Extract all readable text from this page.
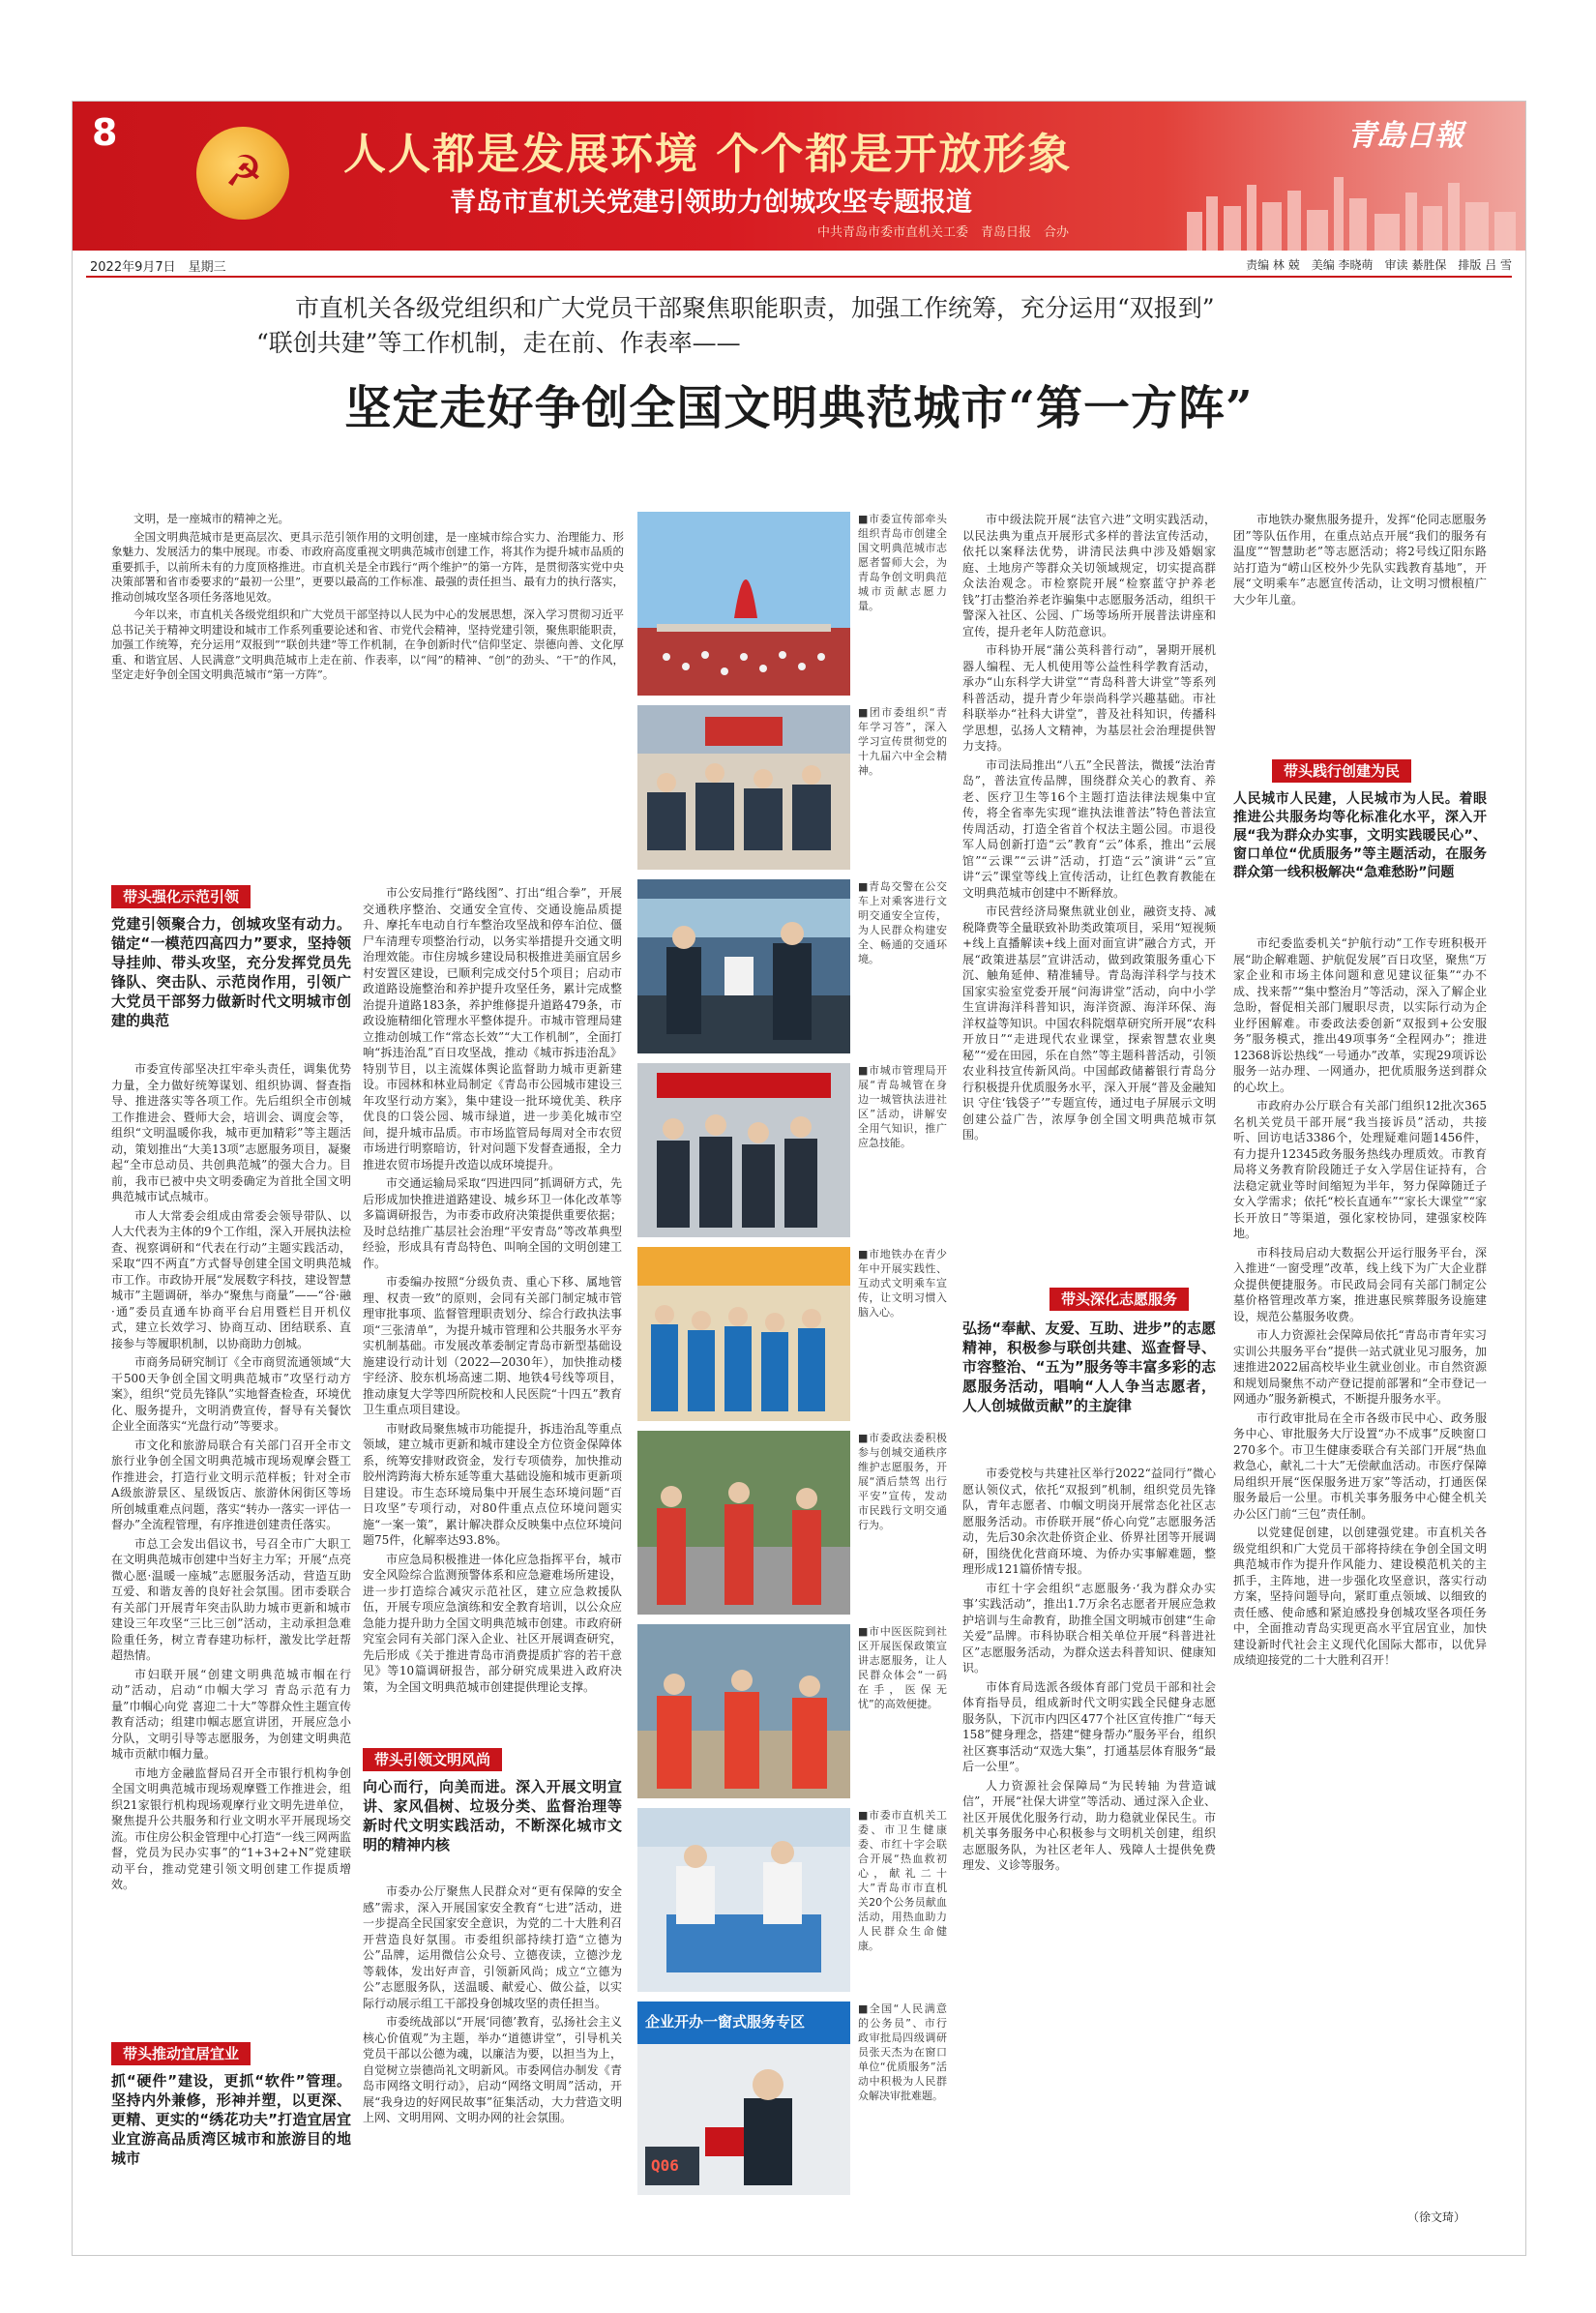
8
☭ 人人都是发展环境 个个都是开放形象
青岛市直机关党建引领助力创城攻坚专题报道
中共青岛市委市直机关工委　青岛日报　合办
青島日報
2022年9月7日　星期三	责编 林 兢　美编 李晓萌　审读 綦胜保　排版 吕 雪
市直机关各级党组织和广大党员干部聚焦职能职责，加强工作统筹，充分运用“双报到”
“联创共建”等工作机制，走在前、作表率——
坚定走好争创全国文明典范城市“第一方阵”

文明，是一座城市的精神之光。

全国文明典范城市是更高层次、更具示范引领作用的文明创建，是一座城市综合实力、治理能力、形象魅力、发展活力的集中展现。市委、市政府高度重视文明典范城市创建工作，将其作为提升城市品质的重要抓手，以前所未有的力度顶格推进。市直机关是全市践行“两个维护”的第一方阵，是贯彻落实党中央决策部署和省市委要求的“最初一公里”，更要以最高的工作标准、最强的责任担当、最有力的执行落实，推动创城攻坚各项任务落地见效。

今年以来，市直机关各级党组织和广大党员干部坚持以人民为中心的发展思想，深入学习贯彻习近平总书记关于精神文明建设和城市工作系列重要论述和省、市党代会精神，坚持党建引领，聚焦职能职责，加强工作统筹，充分运用“双报到”“联创共建”等工作机制，在争创新时代“信仰坚定、崇德向善、文化厚重、和谐宜居、人民满意”文明典范城市上走在前、作表率，以“闯”的精神、“创”的劲头、“干”的作风，坚定走好争创全国文明典范城市“第一方阵”。

带头强化示范引领
党建引领聚合力，创城攻坚有动力。锚定“一模范四高四力”要求，坚持领导挂帅、带头攻坚，充分发挥党员先锋队、突击队、示范岗作用，引领广大党员干部努力做新时代文明城市创建的典范

市委宣传部坚决扛牢牵头责任，调集优势力量，全力做好统筹谋划、组织协调、督查指导、推进落实等各项工作。先后组织全市创城工作推进会、暨师大会，培训会、调度会等，组织“文明温暖你我，城市更加精彩”等主题活动，策划推出“大美13项”志愿服务项目，凝聚起“全市总动员、共创典范城”的强大合力。目前，我市已被中央文明委确定为首批全国文明典范城市试点城市。

市人大常委会组成由常委会领导带队、以人大代表为主体的9个工作组，深入开展执法检查、视察调研和“代表在行动”主题实践活动，采取“四不两直”方式督导创建全国文明典范城市工作。市政协开展“发展数字科技，建设智慧城市”主题调研，举办“聚焦与商量”——“谷·融·通”委员直通车协商平台启用暨栏目开机仪式，建立长效学习、协商互动、团结联系、直接参与等履职机制，以协商助力创城。

市商务局研究制订《全市商贸流通领域“大干500天争创全国文明典范城市”攻坚行动方案》，组织“党员先锋队”实地督查检查，环境优化、服务提升，文明消费宣传，督导有关餐饮企业全面落实“光盘行动”等要求。

市文化和旅游局联合有关部门召开全市文旅行业争创全国文明典范城市现场观摩会暨工作推进会，打造行业文明示范样板；针对全市A级旅游景区、星级饭店、旅游休闲街区等场所创城重难点问题，落实“转办一落实一评估一督办”全流程管理，有序推进创建责任落实。

市总工会发出倡议书，号召全市广大职工在文明典范城市创建中当好主力军；开展“点亮微心愿·温暖一座城”志愿服务活动，营造互助互爱、和谐友善的良好社会氛围。团市委联合有关部门开展青年突击队助力城市更新和城市建设三年攻坚“三比三创”活动，主动承担急难险重任务，树立青春建功标杆，激发比学赶帮超热情。

市妇联开展“创建文明典范城市帼在行动”活动，启动“巾帼大学习 青岛示范有力量”巾帼心向党 喜迎二十大”等群众性主题宣传教育活动；组建巾帼志愿宣讲团，开展应急小分队，文明引导等志愿服务，为创建文明典范城市贡献巾帼力量。

市地方金融监督局召开全市银行机构争创全国文明典范城市现场观摩暨工作推进会，组织21家银行机构现场观摩行业文明先进单位，聚焦提升公共服务和行业文明水平开展现场交流。市住房公积金管理中心打造“一线三网两监督，党员为民办实事”的“1+3+2+N”党建联动平台，推动党建引领文明创建工作提质增效。

带头推动宜居宜业
抓“硬件”建设，更抓“软件”管理。坚持内外兼修，形神并塑，以更深、更精、更实的“绣花功夫”打造宜居宜业宜游高品质湾区城市和旅游目的地城市

市公安局推行“路线图”、打出“组合拳”，开展交通秩序整治、交通安全宣传、交通设施品质提升、摩托车电动自行车整治攻坚战和停车泊位、僵尸车清理专项整治行动，以务实举措提升交通文明治理效能。市住房城乡建设局积极推进美丽宜居乡村安置区建设，已顺利完成交付5个项目；启动市政道路设施整治和养护提升攻坚任务，累计完成整治提升道路183条，养护维修提升道路479条，市政设施精细化管理水平整体提升。市城市管理局建立推动创城工作“常态长效”“大工作机制”，全面打响“拆违治乱”百日攻坚战，推动《城市拆违治乱》特别节目，以主流媒体舆论监督助力城市更新建设。市园林和林业局制定《青岛市公园城市建设三年攻坚行动方案》，集中建设一批环境优美、秩序优良的口袋公园、城市绿道，进一步美化城市空间，提升城市品质。市市场监管局每周对全市农贸市场进行明察暗访，针对问题下发督查通报，全力推进农贸市场提升改造以成环境提升。

市交通运输局采取“四进四同”抓调研方式，先后形成加快推进道路建设、城乡环卫一体化改革等多篇调研报告，为市委市政府决策提供重要依据；及时总结推广基层社会治理“平安青岛”等改革典型经验，形成具有青岛特色、叫响全国的文明创建工作。

市委编办按照“分级负责、重心下移、属地管理、权责一致”的原则，会同有关部门制定城市管理审批事项、监督管理职责划分、综合行政执法事项“三张清单”，为提升城市管理和公共服务水平夯实机制基础。市发展改革委制定青岛市新型基础设施建设行动计划（2022—2030年），加快推动楼宇经济、胶东机场高速二期、地铁4号线等项目，推动康复大学等四所院校和人民医院“十四五”教育卫生重点项目建设。

市财政局聚焦城市功能提升，拆违治乱等重点领域，建立城市更新和城市建设全方位资金保障体系，统筹安排财政资金，发行专项债券，加快推动胶州湾跨海大桥东延等重大基础设施和城市更新项目建设。市生态环境局集中开展生态环境问题“百日攻坚”专项行动，对80件重点点位环境问题实施“一案一策”，累计解决群众反映集中点位环境问题75件，化解率达93.8%。

市应急局积极推进一体化应急指挥平台，城市安全风险综合监测预警体系和应急避难场所建设，进一步打造综合减灾示范社区，建立应急救援队伍，开展专项应急演练和安全教育培训，以公众应急能力提升助力全国文明典范城市创建。市政府研究室会同有关部门深入企业、社区开展调查研究，先后形成《关于推进青岛市消费提质扩容的若干意见》等10篇调研报告，部分研究成果进入政府决策，为全国文明典范城市创建提供理论支撑。

带头引领文明风尚
向心而行，向美而进。深入开展文明宣讲、家风倡树、垃圾分类、监督治理等新时代文明实践活动，不断深化城市文明的精神内核

市委办公厅聚焦人民群众对“更有保障的安全感”需求，深入开展国家安全教育“七进”活动，进一步提高全民国家安全意识，为党的二十大胜利召开营造良好氛围。市委组织部持续打造“立德为公”品牌，运用微信公众号、立德夜读，立德沙龙等载体，发出好声音，引领新风尚；成立“立德为公”志愿服务队，送温暖、献爱心、做公益，以实际行动展示组工干部投身创城攻坚的责任担当。

市委统战部以“开展‘同德’教育，弘扬社会主义核心价值观”为主题，举办“道德讲堂”，引导机关党员干部以公德为魂，以廉洁为要，以担当为上，自觉树立崇德尚礼文明新风。市委网信办制发《青岛市网络文明行动》，启动“网络文明周”活动，开展“我身边的好网民故事”征集活动，大力营造文明上网、文明用网、文明办网的社会氛围。

■市委宣传部牵头组织青岛市创建全国文明典范城市志愿者誓师大会，为青岛争创文明典范城市贡献志愿力量。
■团市委组织“青年学习答”，深入学习宣传贯彻党的十九届六中全会精神。
■青岛交警在公交车上对乘客进行文明交通安全宣传，为人民群众构建安全、畅通的交通环境。
■市城市管理局开展“青岛城管在身边一城管执法进社区”活动，讲解安全用气知识，推广应急技能。
■市地铁办在青少年中开展实践性、互动式文明乘车宣传，让文明习惯入脑入心。
■市委政法委积极参与创城交通秩序维护志愿服务，开展“酒后禁驾 出行平安”宣传，发动市民践行文明交通行为。
■市中医医院到社区开展医保政策宣讲志愿服务，让人民群众体会“一码在手，医保无忧”的高效便捷。
■市委市直机关工委、市卫生健康委、市红十字会联合开展“热血救初心，献礼二十大”青岛市市直机关20个公务员献血活动，用热血助力人民群众生命健康。
企业开办一窗式服务专区
Q06
■全国“人民满意的公务员”、市行政审批局四级调研员张天杰为在窗口单位“优质服务”活动中积极为人民群众解决审批难题。

市中级法院开展“法官六进”文明实践活动，以民法典为重点开展形式多样的普法宣传活动，依托以案释法优势，讲清民法典中涉及婚姻家庭、土地房产等群众关切领域规定，切实提高群众法治观念。市检察院开展“检察蓝守护养老钱”打击整治养老诈骗集中志愿服务活动，组织干警深入社区、公园、广场等场所开展普法讲座和宣传，提升老年人防范意识。

市科协开展“蒲公英科普行动”，暑期开展机器人编程、无人机使用等公益性科学教育活动，承办“山东科学大讲堂”“青岛科普大讲堂”等系列科普活动，提升青少年崇尚科学兴趣基础。市社科联举办“社科大讲堂”，普及社科知识，传播科学思想，弘扬人文精神，为基层社会治理提供智力支持。

市司法局推出“八五”全民普法，微援“法治青岛”，普法宣传品牌，围绕群众关心的教育、养老、医疗卫生等16个主题打造法律法规集中宣传，将全省率先实现“谁执法谁普法”特色普法宣传周活动，打造全省首个权法主题公园。市退役军人局创新打造“云”教育“云”体系，推出“云展馆”“云课”“云讲”活动，打造“云”演讲“云”宣讲“云”课堂等线上宣传活动，让红色教育教能在文明典范城市创建中不断释放。

市民营经济局聚焦就业创业，融资支持、减税降费等全量联致补助类政策项目，采用“短视频+线上直播解读+线上面对面宣讲”融合方式，开展“政策进基层”宣讲活动，做到政策服务重心下沉、触角延伸、精准辅导。青岛海洋科学与技术国家实验室党委开展“问海讲堂”活动，向中小学生宣讲海洋科普知识，海洋资源、海洋环保、海洋权益等知识。中国农科院烟草研究所开展“农科开放日”“走进现代农业课堂，探索智慧农业奥秘”“爱在田园，乐在自然”等主题科普活动，引领农业科技宣传新风尚。中国邮政储蓄银行青岛分行积极提升优质服务水平，深入开展“普及金融知识 守住‘钱袋子’”专题宣传，通过电子屏展示文明创建公益广告，浓厚争创全国文明典范城市氛围。

带头深化志愿服务
弘扬“奉献、友爱、互助、进步”的志愿精神，积极参与联创共建、巡查督导、市容整治、“五为”服务等丰富多彩的志愿服务活动，唱响“人人争当志愿者，人人创城做贡献”的主旋律

市委党校与共建社区举行2022“益同行”微心愿认领仪式，依托“双报到”机制，组织党员先锋队，青年志愿者、巾帼文明岗开展常态化社区志愿服务活动。市侨联开展“侨心向党”志愿服务活动，先后30余次赴侨资企业、侨界社团等开展调研，围绕优化营商环境、为侨办实事解难题，整理形成121篇侨情专报。

市红十字会组织“志愿服务·‘我为群众办实事’实践活动”，推出1.7万余名志愿者开展应急救护培训与生命教育，助推全国文明城市创建“生命关爱”品牌。市科协联合相关单位开展“科普进社区”志愿服务活动，为群众送去科普知识、健康知识。

市体育局选派各级体育部门党员干部和社会体育指导员，组成新时代文明实践全民健身志愿服务队，下沉市内四区477个社区宣传推广“每天158”健身理念，搭建“健身帮办”服务平台，组织社区赛事活动“双选大集”，打通基层体育服务“最后一公里”。

人力资源社会保障局“为民转轴 为营造诚信”，开展“社保大讲堂”等活动、通过深入企业、社区开展优化服务行动，助力稳就业保民生。市机关事务服务中心积极参与文明机关创建，组织志愿服务队，为社区老年人、残障人士提供免费理发、义诊等服务。

市地铁办聚焦服务提升，发挥“伦同志愿服务团”等队伍作用，在重点站点开展“我们的服务有温度”“智慧助老”等志愿活动；将2号线辽阳东路站打造为“崂山区校外少先队实践教育基地”，开展“文明乘车”志愿宣传活动，让文明习惯根植广大少年儿童。

带头践行创建为民
人民城市人民建，人民城市为人民。着眼推进公共服务均等化标准化水平，深入开展“我为群众办实事，文明实践暖民心”、窗口单位“优质服务”等主题活动，在服务群众第一线积极解决“急难愁盼”问题

市纪委监委机关“护航行动”工作专班积极开展“助企解难题、护航促发展”百日攻坚，聚焦“万家企业和市场主体问题和意见建议征集”“办不成、找来帮”“集中整治月”等活动，深入了解企业急盼，督促相关部门履职尽责，以实际行动为企业纾困解难。市委政法委创新“双报到+公安服务”服务模式，推出49项事务“全程网办”；推进12368诉讼热线“一号通办”改革，实现29项诉讼服务一站办理、一网通办，把优质服务送到群众的心坎上。

市政府办公厅联合有关部门组织12批次365名机关党员干部开展“我当接诉员”活动，共接听、回访电话3386个，处理疑难问题1456件，有力提升12345政务服务热线办理质效。市教育局将义务教育阶段随迁子女入学居住证持有，合法稳定就业等时间缩短为半年，努力保障随迁子女入学需求；依托“校长直通车”“家长大课堂”“家长开放日”等渠道，强化家校协同，建强家校阵地。

市科技局启动大数据公开运行服务平台，深入推进“一窗受理”改革，线上线下为广大企业群众提供便捷服务。市民政局会同有关部门制定公墓价格管理改革方案，推进惠民殡葬服务设施建设，规范公墓服务收费。

市人力资源社会保障局依托“青岛市青年实习实训公共服务平台”提供一站式就业见习服务，加速推进2022届高校毕业生就业创业。市自然资源和规划局聚焦不动产登记提前部署和“全市登记一网通办”服务新模式，不断提升服务水平。

市行政审批局在全市各级市民中心、政务服务中心、审批服务大厅设置“办不成事”反映窗口270多个。市卫生健康委联合有关部门开展“热血救急心，献礼二十大”无偿献血活动。市医疗保障局组织开展“医保服务进万家”等活动，打通医保服务最后一公里。市机关事务服务中心健全机关办公区门前“三包”责任制。

以党建促创建，以创建强党建。市直机关各级党组织和广大党员干部将持续在争创全国文明典范城市作为提升作风能力、建设模范机关的主抓手，主阵地，进一步强化攻坚意识，落实行动方案，坚持问题导向，紧盯重点领域、以细致的责任感、使命感和紧迫感投身创城攻坚各项任务中，全面推动青岛实现更高水平宜居宜业，加快建设新时代社会主义现代化国际大都市，以优异成绩迎接党的二十大胜利召开！

（徐文琦）
